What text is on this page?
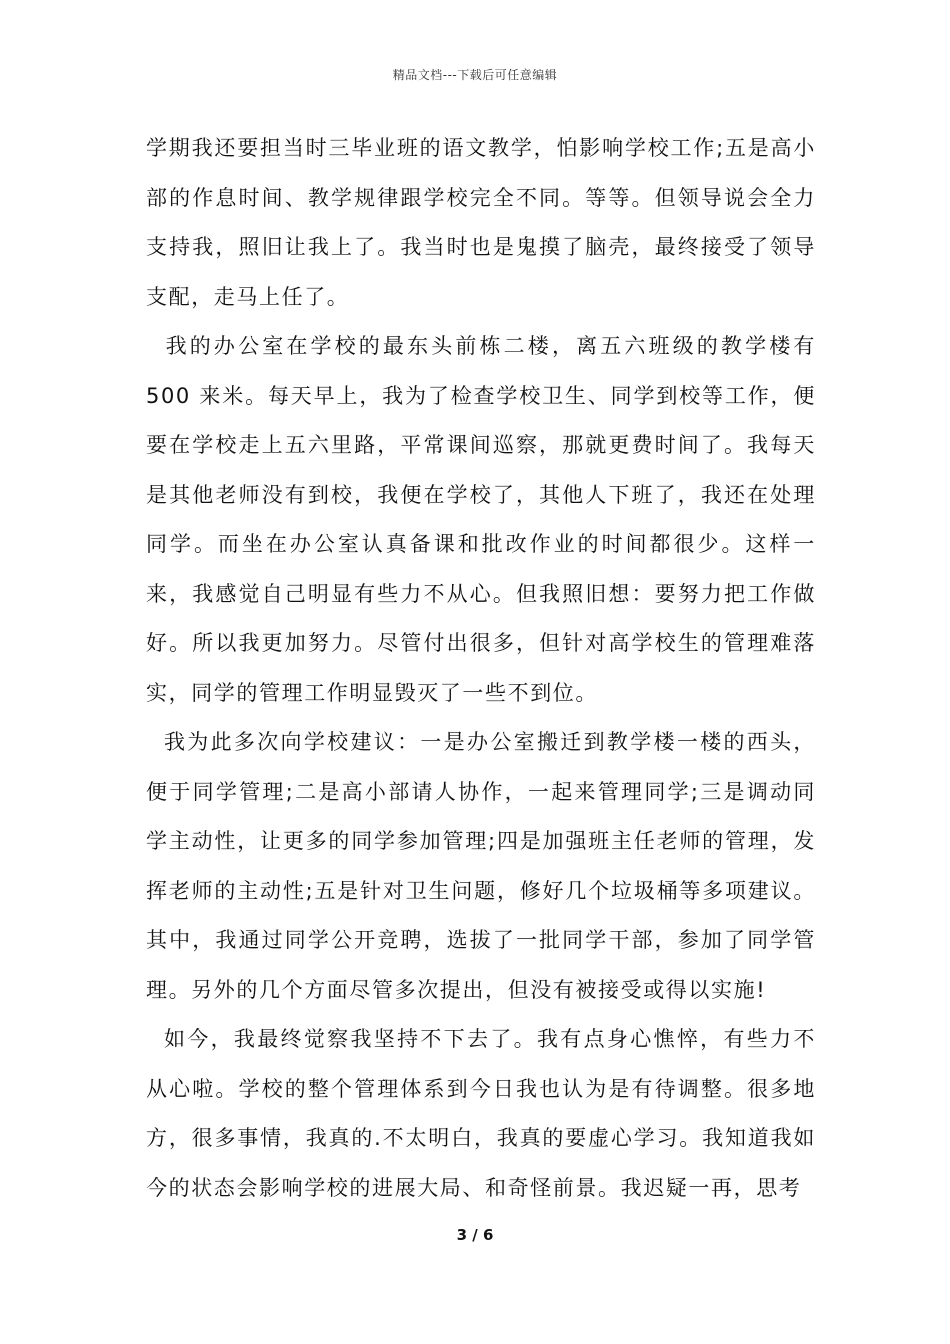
精品文档---下载后可任意编辑

学期我还要担当时三毕业班的语文教学，怕影响学校工作;五是高小部的作息时间、教学规律跟学校完全不同。等等。但领导说会全力支持我，照旧让我上了。我当时也是鬼摸了脑壳，最终接受了领导支配，走马上任了。

我的办公室在学校的最东头前栋二楼，离五六班级的教学楼有 500 来米。每天早上，我为了检查学校卫生、同学到校等工作，便要在学校走上五六里路，平常课间巡察，那就更费时间了。我每天是其他老师没有到校，我便在学校了，其他人下班了，我还在处理同学。而坐在办公室认真备课和批改作业的时间都很少。这样一来，我感觉自己明显有些力不从心。但我照旧想：要努力把工作做好。所以我更加努力。尽管付出很多，但针对高学校生的管理难落实，同学的管理工作明显毁灭了一些不到位。

我为此多次向学校建议：一是办公室搬迁到教学楼一楼的西头，便于同学管理;二是高小部请人协作，一起来管理同学;三是调动同学主动性，让更多的同学参加管理;四是加强班主任老师的管理，发挥老师的主动性;五是针对卫生问题，修好几个垃圾桶等多项建议。其中，我通过同学公开竞聘，选拔了一批同学干部，参加了同学管理。另外的几个方面尽管多次提出，但没有被接受或得以实施!

如今，我最终觉察我坚持不下去了。我有点身心憔悴，有些力不从心啦。学校的整个管理体系到今日我也认为是有待调整。很多地方，很多事情，我真的.不太明白，我真的要虚心学习。我知道我如今的状态会影响学校的进展大局、和奇怪前景。我迟疑一再，思考

3 / 6
